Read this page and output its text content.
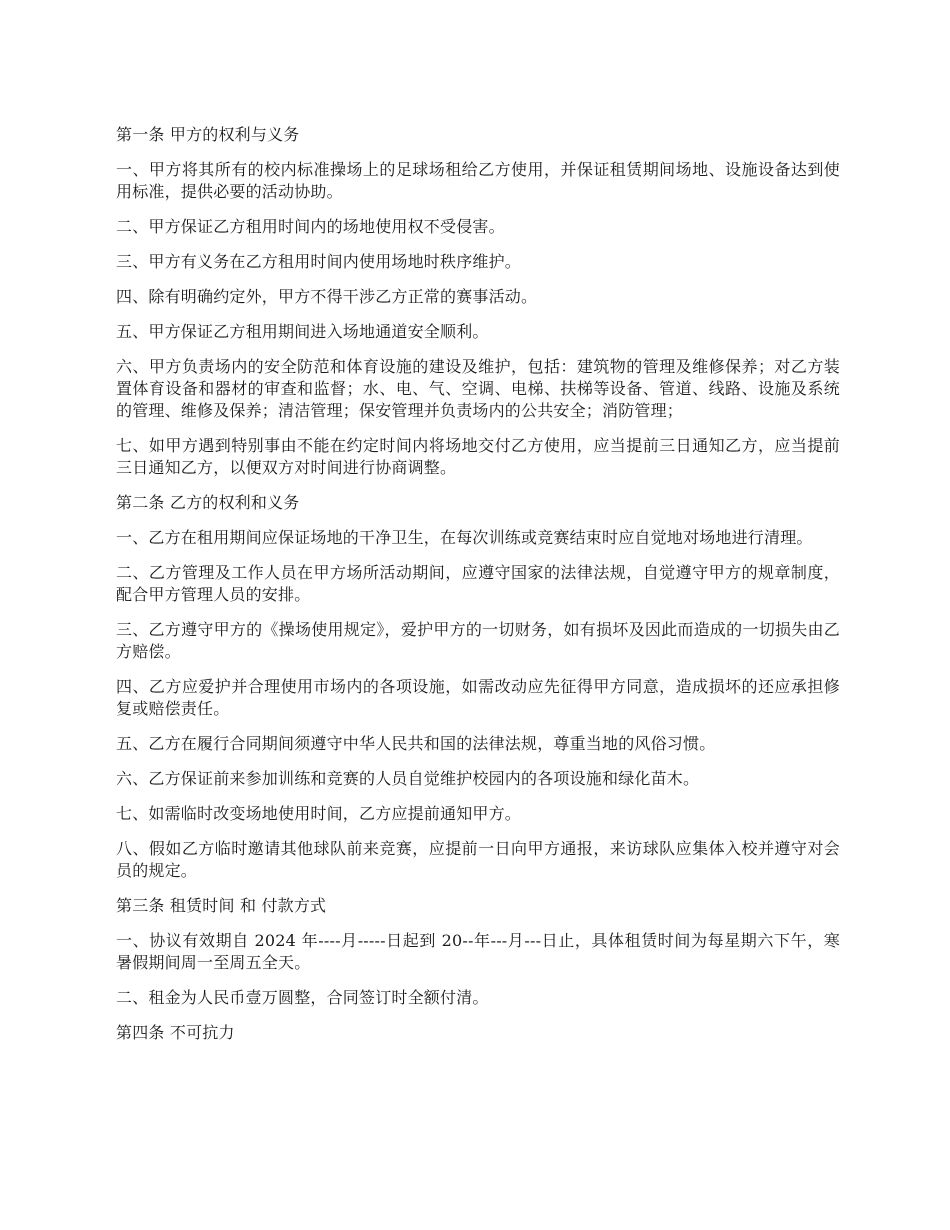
第一条 甲方的权利与义务

一、甲方将其所有的校内标准操场上的足球场租给乙方使用，并保证租赁期间场地、设施设备达到使用标准，提供必要的活动协助。

二、甲方保证乙方租用时间内的场地使用权不受侵害。

三、甲方有义务在乙方租用时间内使用场地时秩序维护。

四、除有明确约定外，甲方不得干涉乙方正常的赛事活动。

五、甲方保证乙方租用期间进入场地通道安全顺利。

六、甲方负责场内的安全防范和体育设施的建设及维护，包括：建筑物的管理及维修保养；对乙方装置体育设备和器材的审查和监督；水、电、气、空调、电梯、扶梯等设备、管道、线路、设施及系统的管理、维修及保养；清洁管理；保安管理并负责场内的公共安全；消防管理；

七、如甲方遇到特别事由不能在约定时间内将场地交付乙方使用，应当提前三日通知乙方，应当提前三日通知乙方，以便双方对时间进行协商调整。

第二条 乙方的权利和义务

一、乙方在租用期间应保证场地的干净卫生，在每次训练或竞赛结束时应自觉地对场地进行清理。

二、乙方管理及工作人员在甲方场所活动期间，应遵守国家的法律法规，自觉遵守甲方的规章制度，配合甲方管理人员的安排。

三、乙方遵守甲方的《操场使用规定》，爱护甲方的一切财务，如有损坏及因此而造成的一切损失由乙方赔偿。

四、乙方应爱护并合理使用市场内的各项设施，如需改动应先征得甲方同意，造成损坏的还应承担修复或赔偿责任。

五、乙方在履行合同期间须遵守中华人民共和国的法律法规，尊重当地的风俗习惯。

六、乙方保证前来参加训练和竞赛的人员自觉维护校园内的各项设施和绿化苗木。

七、如需临时改变场地使用时间，乙方应提前通知甲方。

八、假如乙方临时邀请其他球队前来竞赛，应提前一日向甲方通报，来访球队应集体入校并遵守对会员的规定。

第三条 租赁时间 和 付款方式

一、协议有效期自 2024 年----月-----日起到 20--年---月---日止，具体租赁时间为每星期六下午，寒暑假期间周一至周五全天。

二、租金为人民币壹万圆整，合同签订时全额付清。

第四条 不可抗力
